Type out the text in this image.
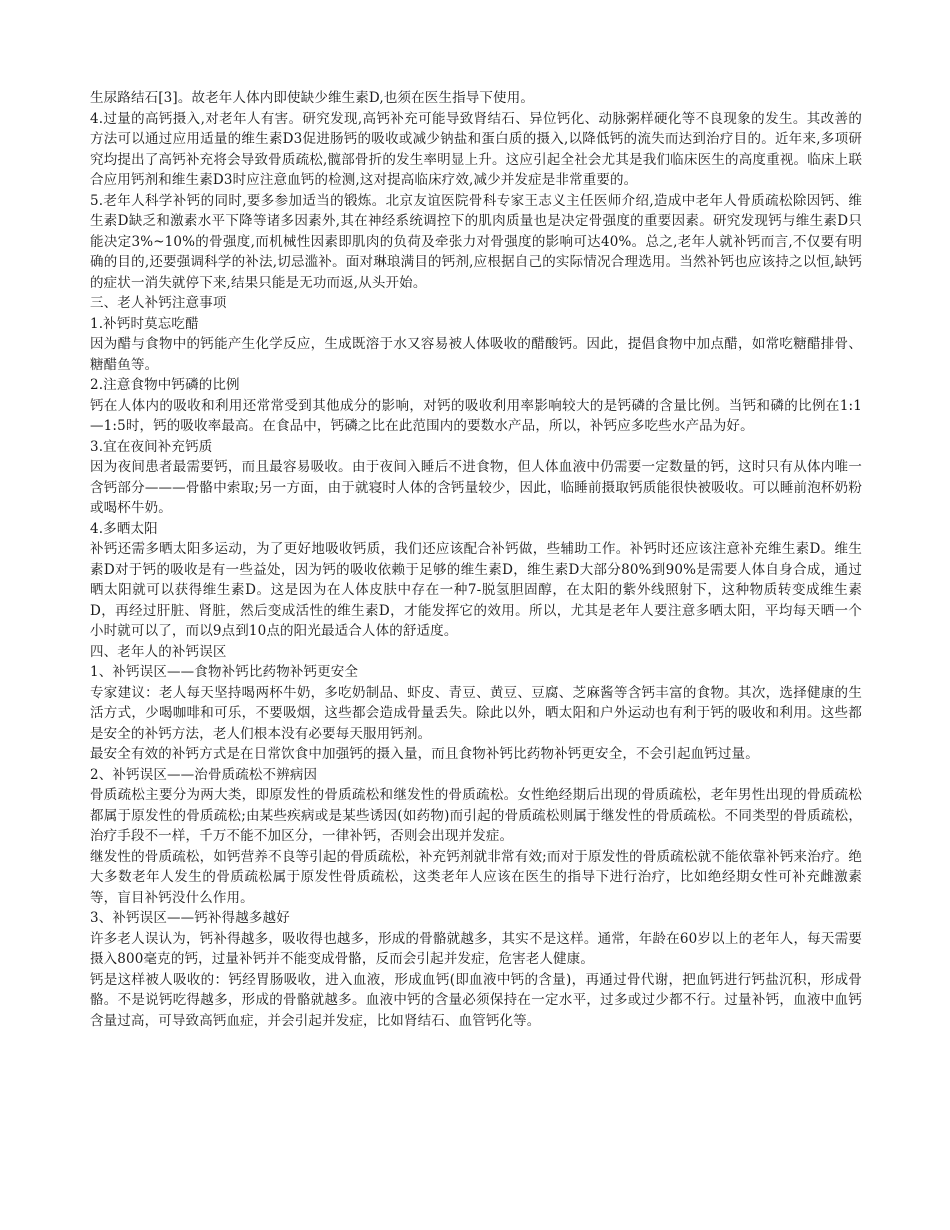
生尿路结石[3]。故老年人体内即使缺少维生素D,也须在医生指导下使用。

4.过量的高钙摄入,对老年人有害。研究发现,高钙补充可能导致肾结石、异位钙化、动脉粥样硬化等不良现象的发生。其改善的方法可以通过应用适量的维生素D3促进肠钙的吸收或减少钠盐和蛋白质的摄入,以降低钙的流失而达到治疗目的。近年来,多项研究均提出了高钙补充将会导致骨质疏松,髋部骨折的发生率明显上升。这应引起全社会尤其是我们临床医生的高度重视。临床上联合应用钙剂和维生素D3时应注意血钙的检测,这对提高临床疗效,减少并发症是非常重要的。

5.老年人科学补钙的同时,要多参加适当的锻炼。北京友谊医院骨科专家王志义主任医师介绍,造成中老年人骨质疏松除因钙、维生素D缺乏和激素水平下降等诸多因素外,其在神经系统调控下的肌肉质量也是决定骨强度的重要因素。研究发现钙与维生素D只能决定3%~10%的骨强度,而机械性因素即肌肉的负荷及牵张力对骨强度的影响可达40%。总之,老年人就补钙而言,不仅要有明确的目的,还要强调科学的补法,切忌滥补。面对琳琅满目的钙剂,应根据自己的实际情况合理选用。当然补钙也应该持之以恒,缺钙的症状一消失就停下来,结果只能是无功而返,从头开始。

三、老人补钙注意事项
1.补钙时莫忘吃醋

因为醋与食物中的钙能产生化学反应，生成既溶于水又容易被人体吸收的醋酸钙。因此，提倡食物中加点醋，如常吃糖醋排骨、糖醋鱼等。

2.注意食物中钙磷的比例

钙在人体内的吸收和利用还常常受到其他成分的影响，对钙的吸收利用率影响较大的是钙磷的含量比例。当钙和磷的比例在1:1—1:5时，钙的吸收率最高。在食品中，钙磷之比在此范围内的要数水产品，所以，补钙应多吃些水产品为好。

3.宜在夜间补充钙质

因为夜间患者最需要钙，而且最容易吸收。由于夜间入睡后不进食物，但人体血液中仍需要一定数量的钙，这时只有从体内唯一含钙部分———骨骼中索取;另一方面，由于就寝时人体的含钙量较少，因此，临睡前摄取钙质能很快被吸收。可以睡前泡杯奶粉或喝杯牛奶。

4.多晒太阳

补钙还需多晒太阳多运动，为了更好地吸收钙质，我们还应该配合补钙做，些辅助工作。补钙时还应该注意补充维生素D。维生素D对于钙的吸收是有一些益处，因为钙的吸收依赖于足够的维生素D，维生素D大部分80%到90%是需要人体自身合成，通过晒太阳就可以获得维生素D。这是因为在人体皮肤中存在一种7-脱氢胆固醇，在太阳的紫外线照射下，这种物质转变成维生素D，再经过肝脏、肾脏，然后变成活性的维生素D，才能发挥它的效用。所以，尤其是老年人要注意多晒太阳，平均每天晒一个小时就可以了，而以9点到10点的阳光最适合人体的舒适度。

四、老年人的补钙误区
1、补钙误区——食物补钙比药物补钙更安全

专家建议：老人每天坚持喝两杯牛奶，多吃奶制品、虾皮、青豆、黄豆、豆腐、芝麻酱等含钙丰富的食物。其次，选择健康的生活方式，少喝咖啡和可乐，不要吸烟，这些都会造成骨量丢失。除此以外，晒太阳和户外运动也有利于钙的吸收和利用。这些都是安全的补钙方法，老人们根本没有必要每天服用钙剂。

最安全有效的补钙方式是在日常饮食中加强钙的摄入量，而且食物补钙比药物补钙更安全，不会引起血钙过量。

2、补钙误区——治骨质疏松不辨病因

骨质疏松主要分为两大类，即原发性的骨质疏松和继发性的骨质疏松。女性绝经期后出现的骨质疏松，老年男性出现的骨质疏松都属于原发性的骨质疏松;由某些疾病或是某些诱因(如药物)而引起的骨质疏松则属于继发性的骨质疏松。不同类型的骨质疏松，治疗手段不一样，千万不能不加区分，一律补钙，否则会出现并发症。

继发性的骨质疏松，如钙营养不良等引起的骨质疏松，补充钙剂就非常有效;而对于原发性的骨质疏松就不能依靠补钙来治疗。绝大多数老年人发生的骨质疏松属于原发性骨质疏松，这类老年人应该在医生的指导下进行治疗，比如绝经期女性可补充雌激素等，盲目补钙没什么作用。

3、补钙误区——钙补得越多越好

许多老人误认为，钙补得越多，吸收得也越多，形成的骨骼就越多，其实不是这样。通常，年龄在60岁以上的老年人，每天需要摄入800毫克的钙，过量补钙并不能变成骨骼，反而会引起并发症，危害老人健康。

钙是这样被人吸收的：钙经胃肠吸收，进入血液，形成血钙(即血液中钙的含量)，再通过骨代谢，把血钙进行钙盐沉积，形成骨骼。不是说钙吃得越多，形成的骨骼就越多。血液中钙的含量必须保持在一定水平，过多或过少都不行。过量补钙，血液中血钙含量过高，可导致高钙血症，并会引起并发症，比如肾结石、血管钙化等。
